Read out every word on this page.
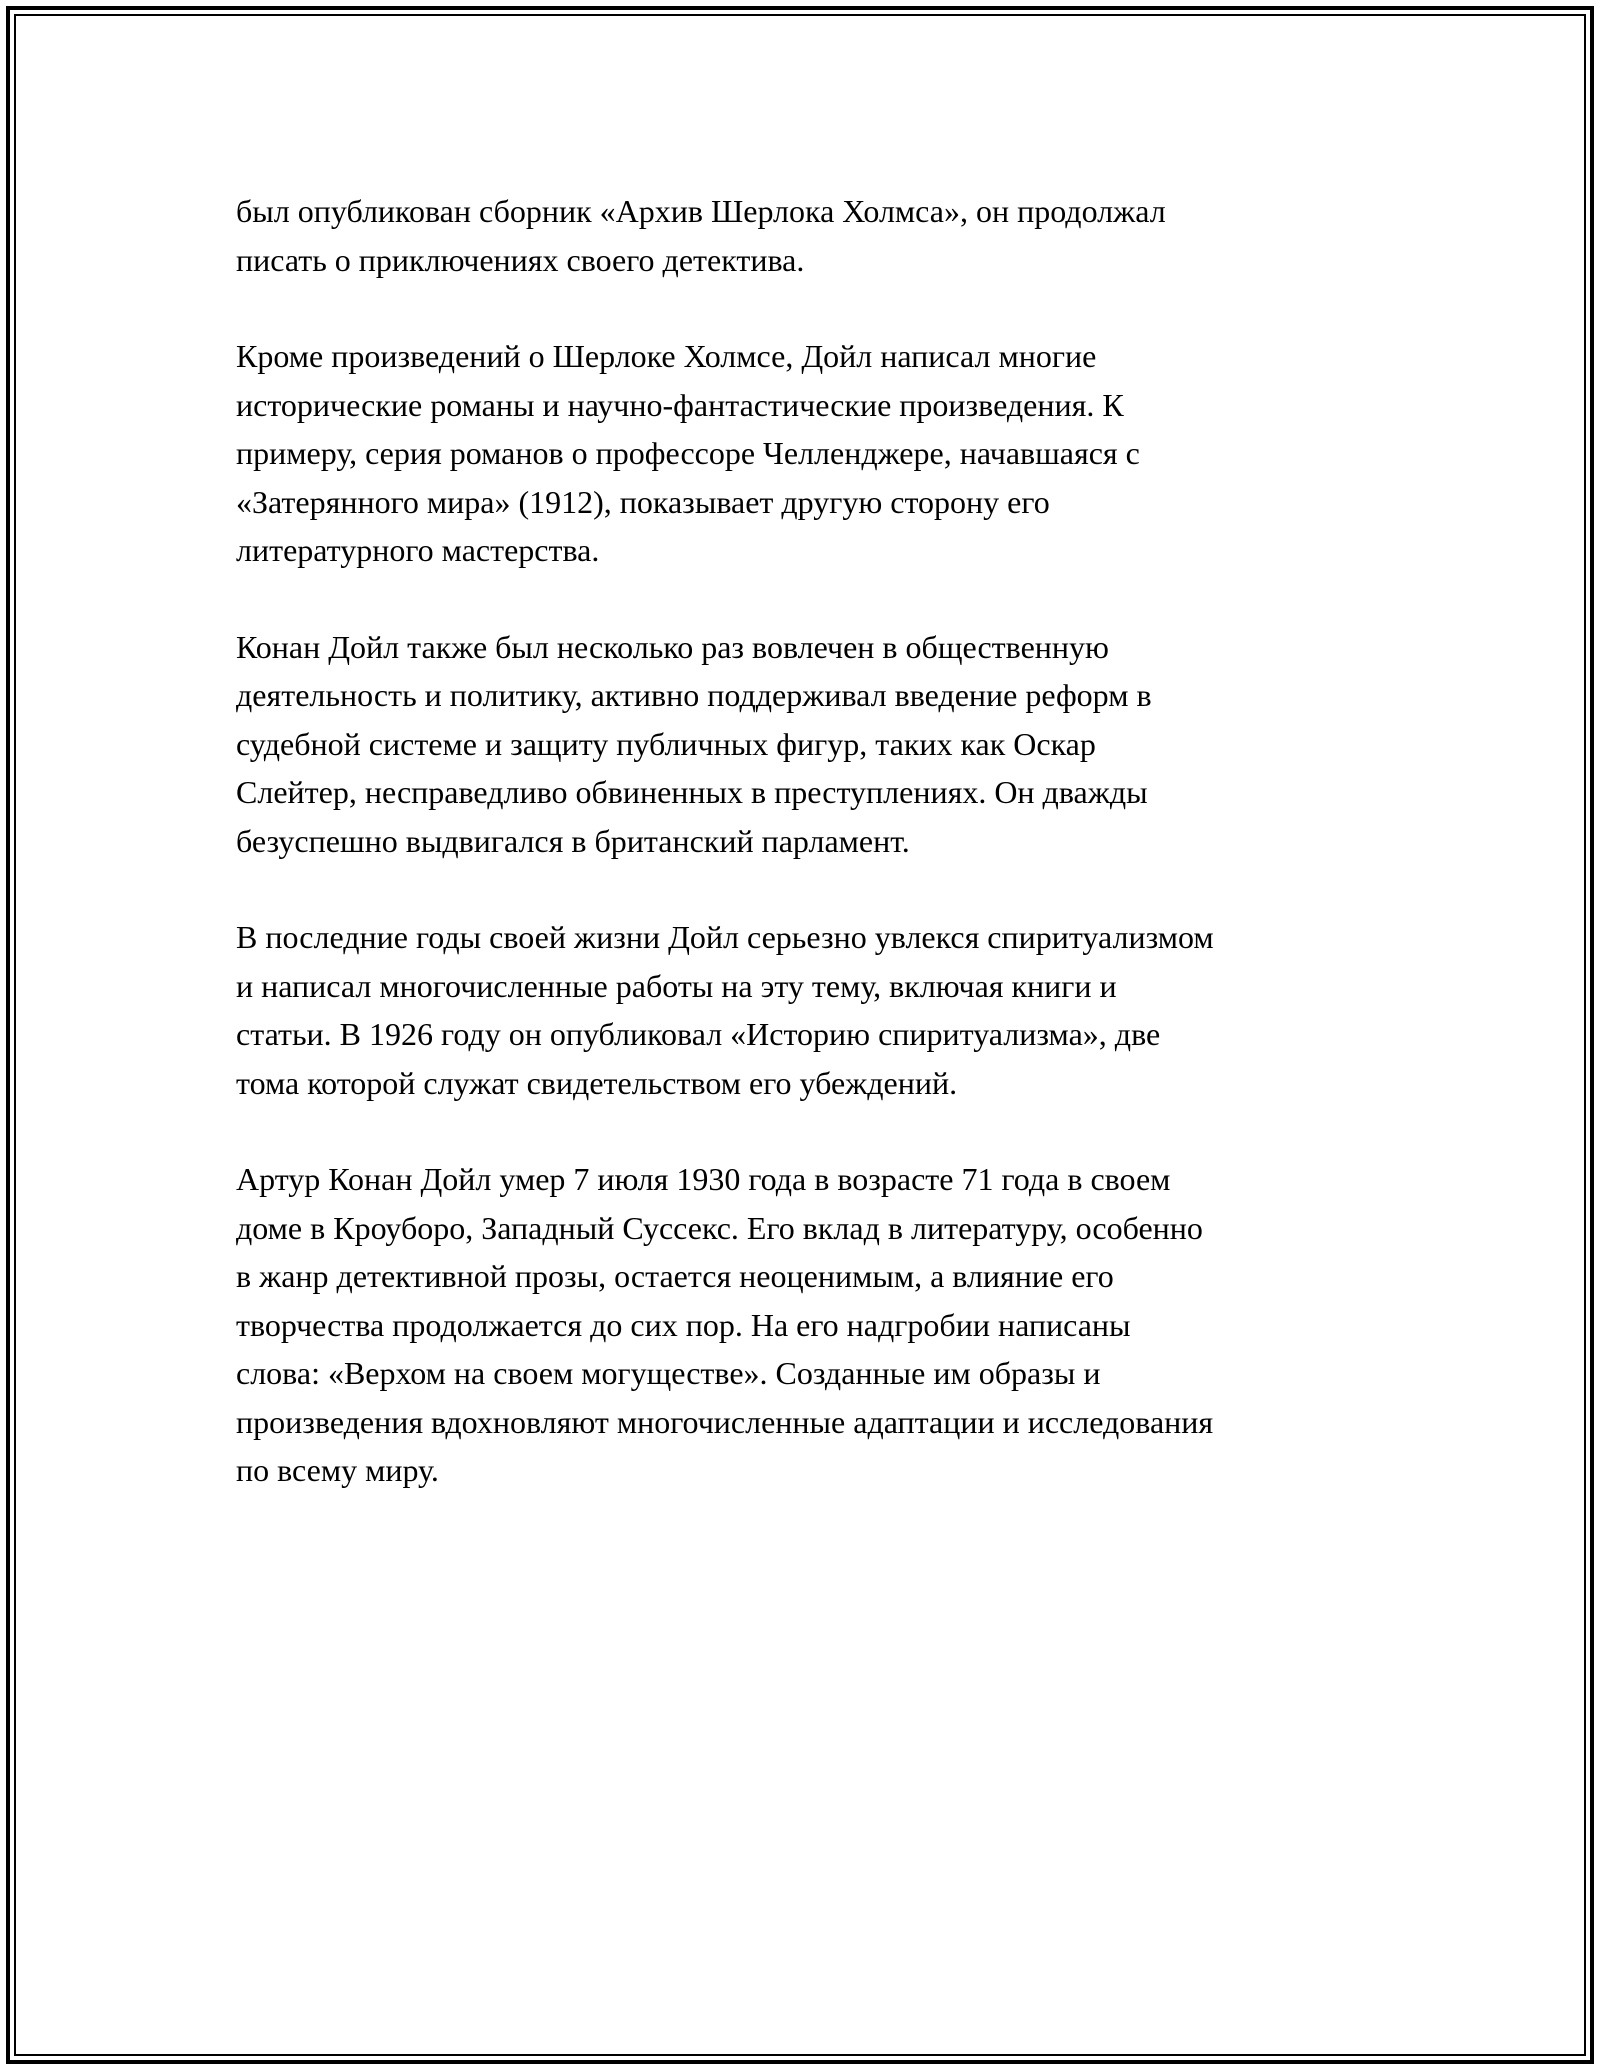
был опубликован сборник «Архив Шерлока Холмса», он продолжал
писать о приключениях своего детектива.

Кроме произведений о Шерлоке Холмсе, Дойл написал многие
исторические романы и научно-фантастические произведения. К
примеру, серия романов о профессоре Челленджере, начавшаяся с
«Затерянного мира» (1912), показывает другую сторону его
литературного мастерства.

Конан Дойл также был несколько раз вовлечен в общественную
деятельность и политику, активно поддерживал введение реформ в
судебной системе и защиту публичных фигур, таких как Оскар
Слейтер, несправедливо обвиненных в преступлениях. Он дважды
безуспешно выдвигался в британский парламент.

В последние годы своей жизни Дойл серьезно увлекся спиритуализмом
и написал многочисленные работы на эту тему, включая книги и
статьи. В 1926 году он опубликовал «Историю спиритуализма», две
тома которой служат свидетельством его убеждений.

Артур Конан Дойл умер 7 июля 1930 года в возрасте 71 года в своем
доме в Кроуборо, Западный Суссекс. Его вклад в литературу, особенно
в жанр детективной прозы, остается неоценимым, а влияние его
творчества продолжается до сих пор. На его надгробии написаны
слова: «Верхом на своем могуществе». Созданные им образы и
произведения вдохновляют многочисленные адаптации и исследования
по всему миру.
